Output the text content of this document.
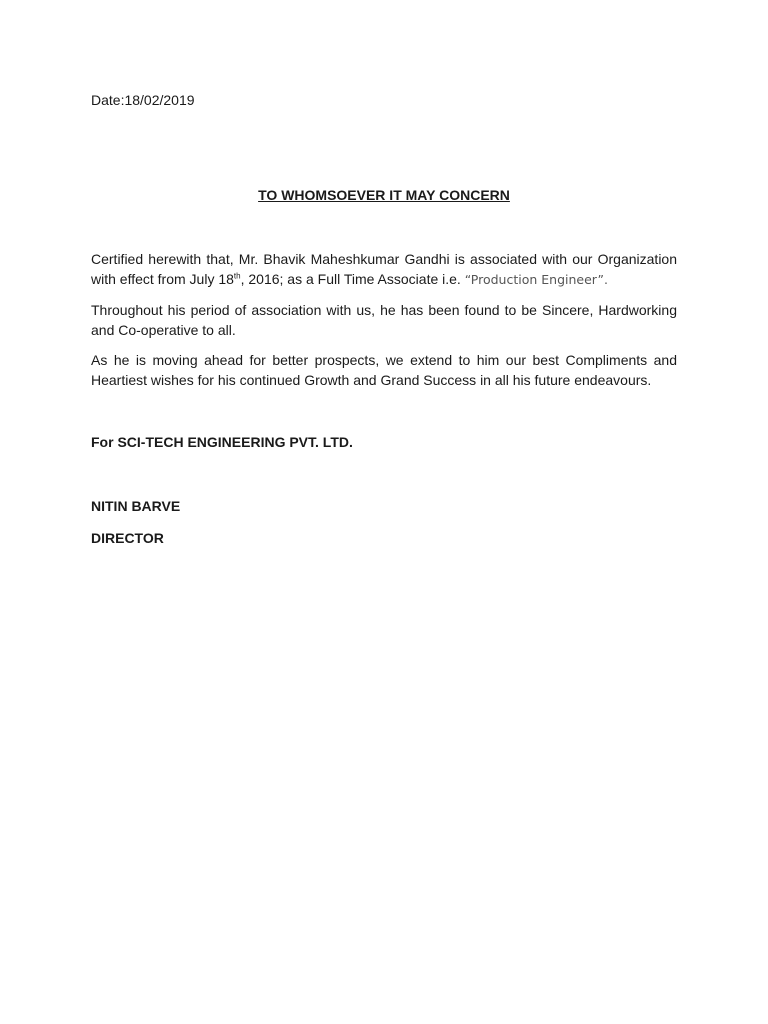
Date:18/02/2019
TO WHOMSOEVER IT MAY CONCERN

Certified herewith that, Mr. Bhavik Maheshkumar Gandhi is associated with our Organization with effect from July 18th, 2016; as a Full Time Associate i.e. “Production Engineer”.

Throughout his period of association with us, he has been found to be Sincere, Hardworking and Co-operative to all.

As he is moving ahead for better prospects, we extend to him our best Compliments and Heartiest wishes for his continued Growth and Grand Success in all his future endeavours.

For SCI-TECH ENGINEERING PVT. LTD.
NITIN BARVE
DIRECTOR
